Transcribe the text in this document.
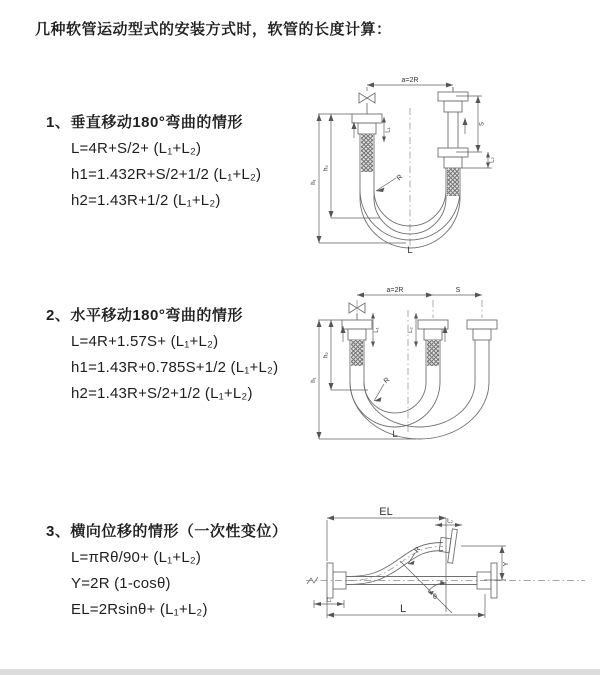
几种软管运动型式的安装方式时，软管的长度计算：
1、垂直移动180°弯曲的情形
L=4R+S/2+ (L₁+L₂)
h1=1.432R+S/2+1/2 (L₁+L₂)
h2=1.43R+1/2 (L₁+L₂)
2、水平移动180°弯曲的情形
L=4R+1.57S+ (L₁+L₂)
h1=1.43R+0.785S+1/2 (L₁+L₂)
h2=1.43R+S/2+1/2 (L₁+L₂)
3、横向位移的情形（一次性变位）
L=πRθ/90+ (L₁+L₂)
Y=2R (1-cosθ)
EL=2Rsinθ+ (L₁+L₂)
a=2R
R
L
h₁
h₂
L₁
S
L₂
a=2R	S
L₁	L₂
h₁
h₂
R
L
EL
L₂
Y
R
θ
L
L₁
